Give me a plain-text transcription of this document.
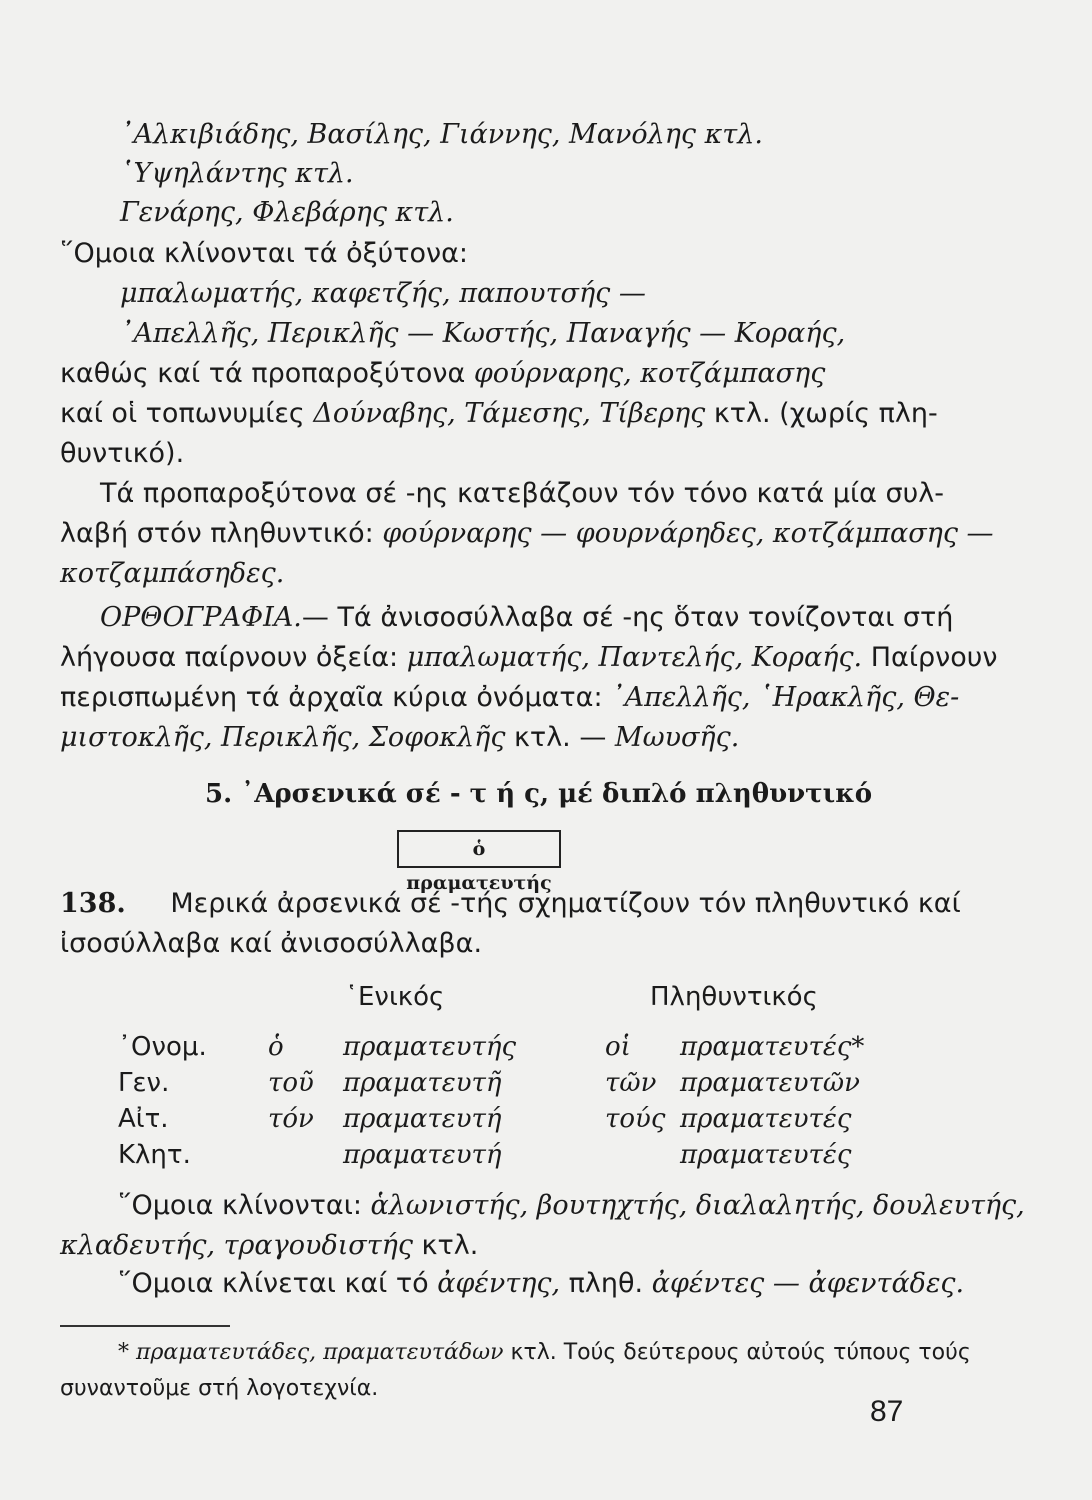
᾿Αλκιβιάδης, Βασίλης, Γιάννης, Μανόλης κτλ.
῾Υψηλάντης κτλ.
Γενάρης, Φλεβάρης κτλ.
῞Ομοια κλίνονται τά ὀξύτονα:
μπαλωματής, καφετζής, παπουτσής —
᾿Απελλῆς, Περικλῆς — Κωστής, Παναγής — Κοραής,
καθώς καί τά προπαροξύτονα φούρναρης, κοτζάμπασης
καί οἱ τοπωνυμίες Δούναβης, Τάμεσης, Τίβερης κτλ. (χωρίς πλη-
θυντικό).
Τά προπαροξύτονα σέ -ης κατεβάζουν τόν τόνο κατά μία συλ-
λαβή στόν πληθυντικό: φούρναρης — φουρνάρηδες, κοτζάμπασης —
κοτζαμπάσηδες.
ΟΡΘΟΓΡΑΦΙΑ.— Τά ἀνισοσύλλαβα σέ -ης ὅταν τονίζονται στή
λήγουσα παίρνουν ὀξεία: μπαλωματής, Παντελής, Κοραής. Παίρνουν
περισπωμένη τά ἀρχαῖα κύρια ὀνόματα: ᾿Απελλῆς, ῾Ηρακλῆς, Θε-
μιστοκλῆς, Περικλῆς, Σοφοκλῆς κτλ. — Μωυσῆς.
5. ᾿Αρσενικά σέ - τ ή ς, μέ διπλό πληθυντικό
ὁ πραματευτής
138. Μερικά ἀρσενικά σέ -τής σχηματίζουν τόν πληθυντικό καί
ἰσοσύλλαβα καί ἀνισοσύλλαβα.
῾Ενικός	Πληθυντικός
᾿Ονομ. ὁ πραματευτής	οἱ πραματευτές*
Γεν.	τοῦ πραματευτῆ	τῶν πραματευτῶν
Αἰτ.	τόν πραματευτή	τούς πραματευτές
Κλητ.	πραματευτή	πραματευτές
῞Ομοια κλίνονται: ἁλωνιστής, βουτηχτής, διαλαλητής, δουλευτής,
κλαδευτής, τραγουδιστής κτλ.
῞Ομοια κλίνεται καί τό ἀφέντης, πληθ. ἀφέντες — ἀφεντάδες.
* πραματευτάδες, πραματευτάδων κτλ. Τούς δεύτερους αὐτούς τύπους τούς
συναντοῦμε στή λογοτεχνία.
87
